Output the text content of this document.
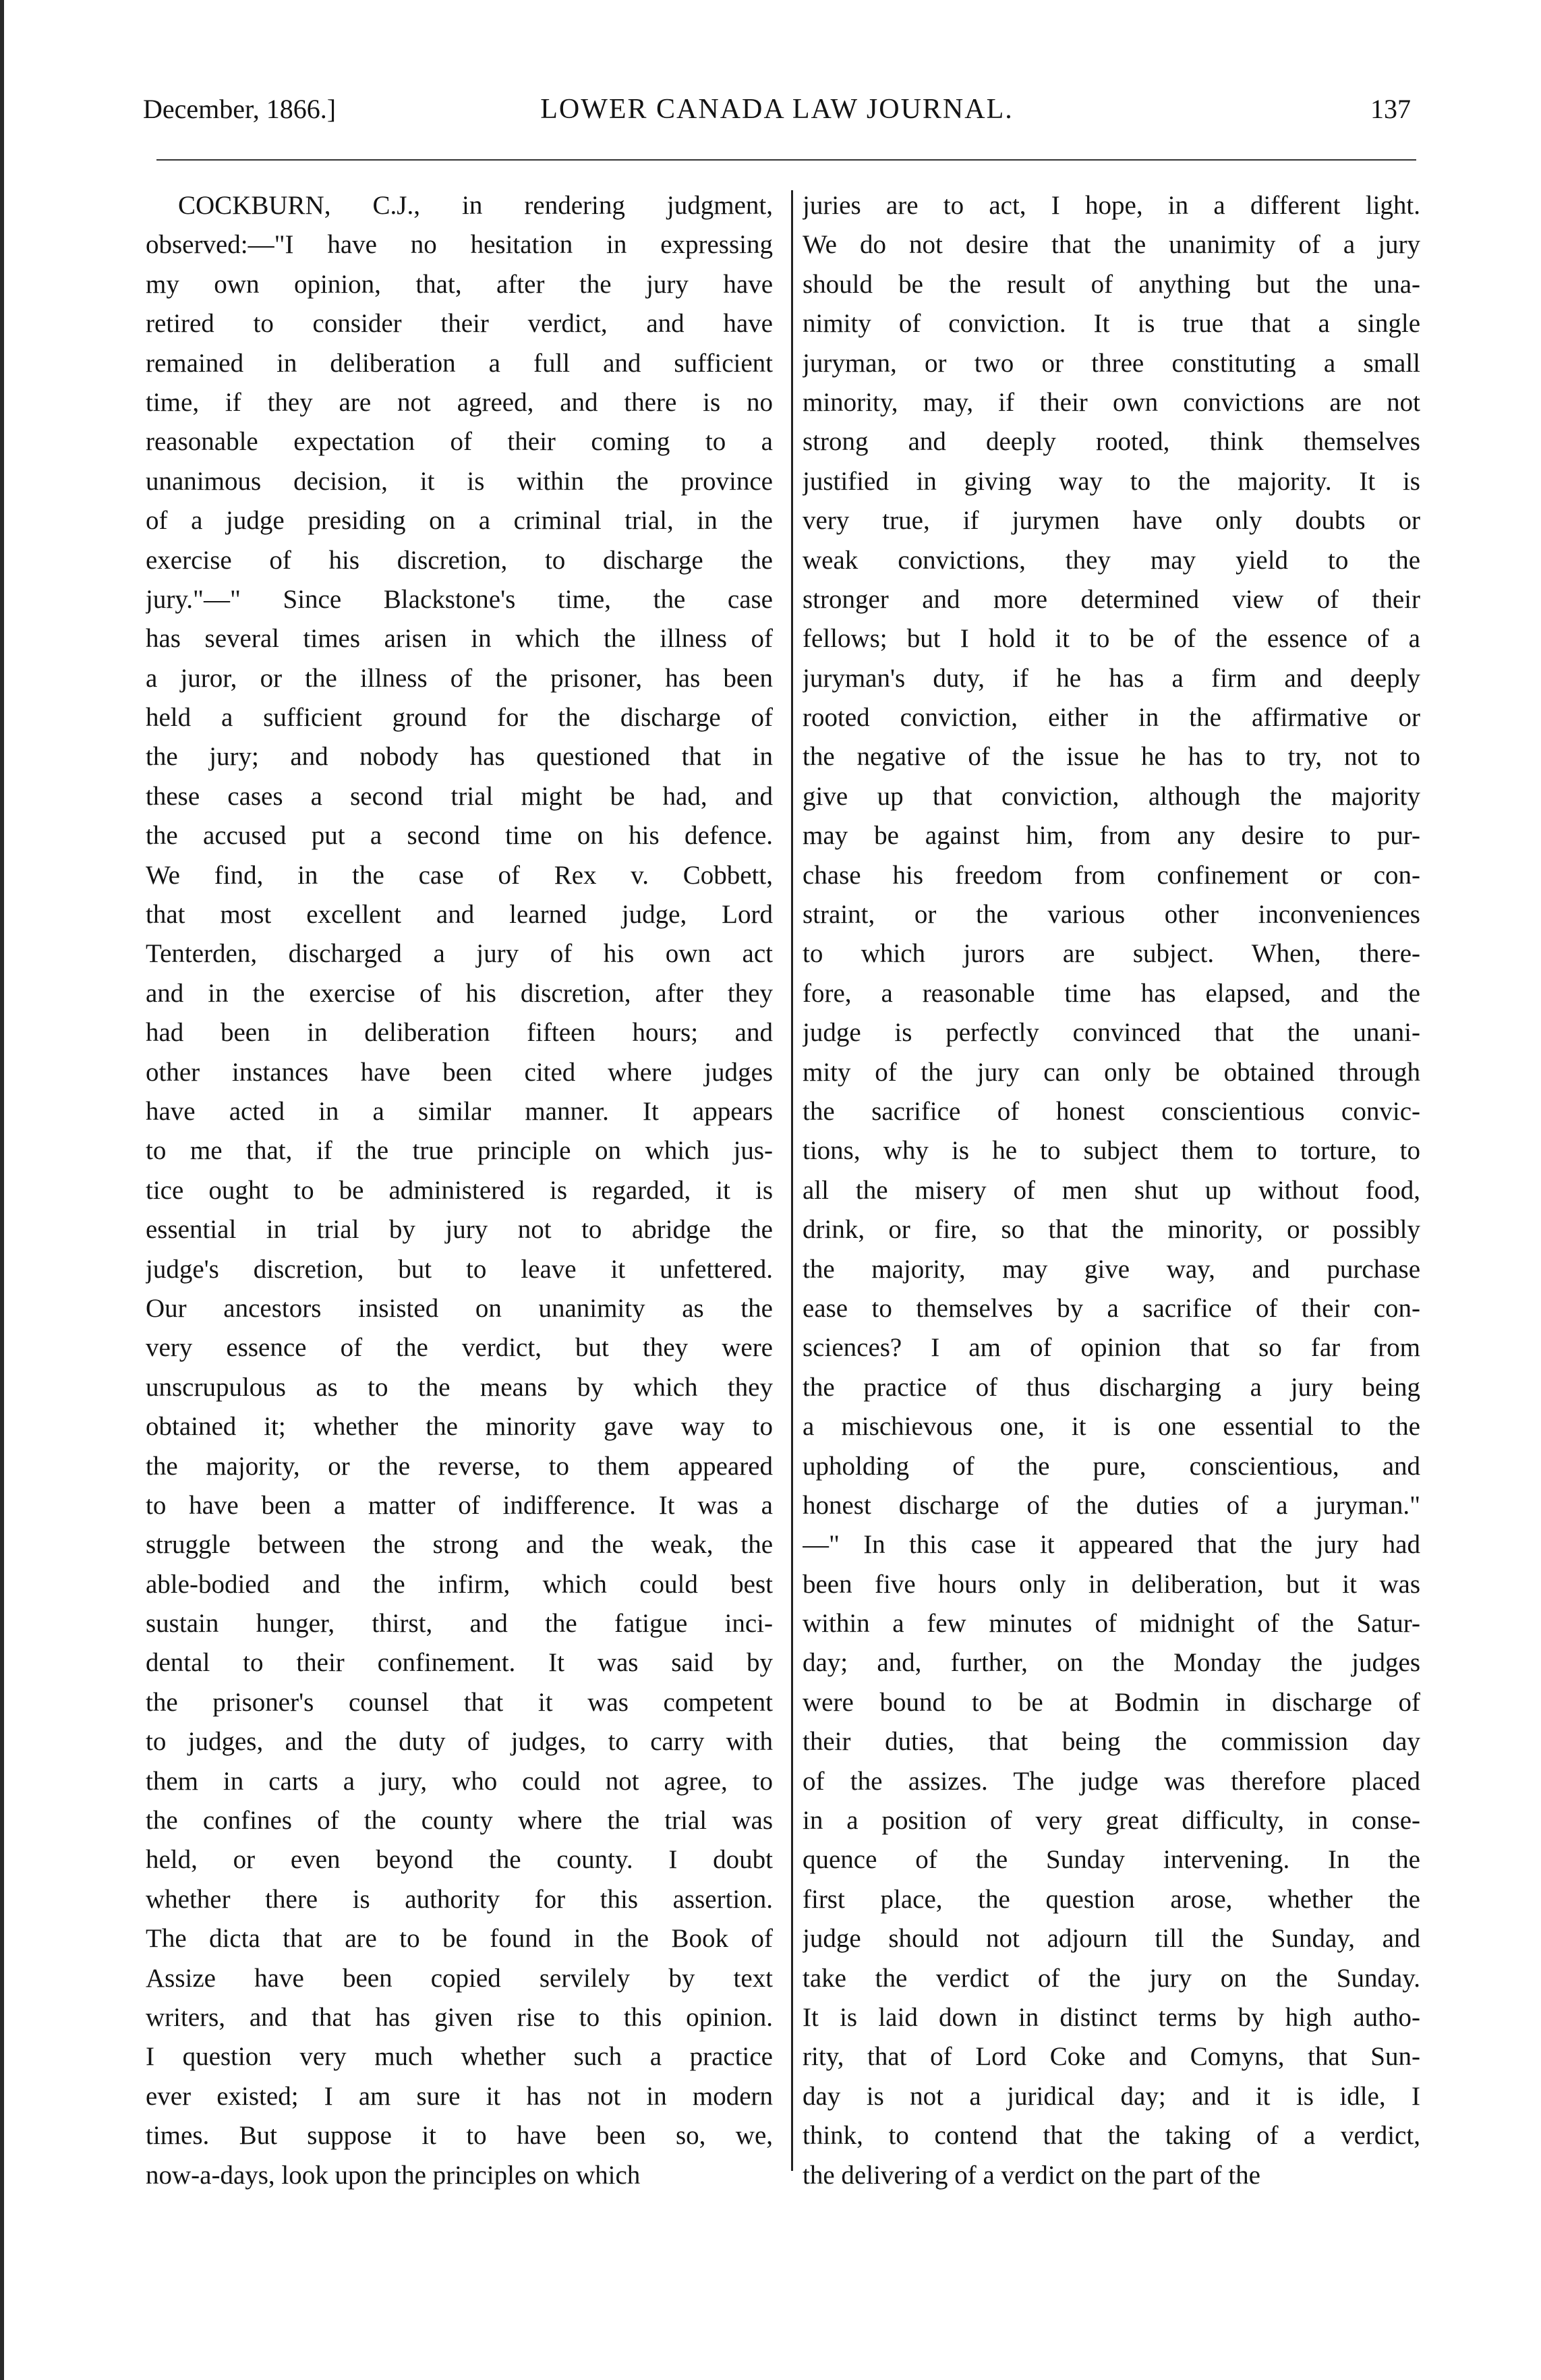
December, 1866.]	LOWER CANADA LAW JOURNAL.	137
COCKBURN, C.J., in rendering judgment,
observed:—"I have no hesitation in expressing
my own opinion, that, after the jury have
retired to consider their verdict, and have
remained in deliberation a full and sufficient
time, if they are not agreed, and there is no
reasonable expectation of their coming to a
unanimous decision, it is within the province
of a judge presiding on a criminal trial, in the
exercise of his discretion, to discharge the
jury."—" Since Blackstone's time, the case
has several times arisen in which the illness of
a juror, or the illness of the prisoner, has been
held a sufficient ground for the discharge of
the jury; and nobody has questioned that in
these cases a second trial might be had, and
the accused put a second time on his defence.
We find, in the case of Rex v. Cobbett,
that most excellent and learned judge, Lord
Tenterden, discharged a jury of his own act
and in the exercise of his discretion, after they
had been in deliberation fifteen hours; and
other instances have been cited where judges
have acted in a similar manner. It appears
to me that, if the true principle on which jus-
tice ought to be administered is regarded, it is
essential in trial by jury not to abridge the
judge's discretion, but to leave it unfettered.
Our ancestors insisted on unanimity as the
very essence of the verdict, but they were
unscrupulous as to the means by which they
obtained it; whether the minority gave way to
the majority, or the reverse, to them appeared
to have been a matter of indifference. It was a
struggle between the strong and the weak, the
able-bodied and the infirm, which could best
sustain hunger, thirst, and the fatigue inci-
dental to their confinement. It was said by
the prisoner's counsel that it was competent
to judges, and the duty of judges, to carry with
them in carts a jury, who could not agree, to
the confines of the county where the trial was
held, or even beyond the county. I doubt
whether there is authority for this assertion.
The dicta that are to be found in the Book of
Assize have been copied servilely by text
writers, and that has given rise to this opinion.
I question very much whether such a practice
ever existed; I am sure it has not in modern
times. But suppose it to have been so, we,
now-a-days, look upon the principles on which
juries are to act, I hope, in a different light.
We do not desire that the unanimity of a jury
should be the result of anything but the una-
nimity of conviction. It is true that a single
juryman, or two or three constituting a small
minority, may, if their own convictions are not
strong and deeply rooted, think themselves
justified in giving way to the majority. It is
very true, if jurymen have only doubts or
weak convictions, they may yield to the
stronger and more determined view of their
fellows; but I hold it to be of the essence of a
juryman's duty, if he has a firm and deeply
rooted conviction, either in the affirmative or
the negative of the issue he has to try, not to
give up that conviction, although the majority
may be against him, from any desire to pur-
chase his freedom from confinement or con-
straint, or the various other inconveniences
to which jurors are subject. When, there-
fore, a reasonable time has elapsed, and the
judge is perfectly convinced that the unani-
mity of the jury can only be obtained through
the sacrifice of honest conscientious convic-
tions, why is he to subject them to torture, to
all the misery of men shut up without food,
drink, or fire, so that the minority, or possibly
the majority, may give way, and purchase
ease to themselves by a sacrifice of their con-
sciences? I am of opinion that so far from
the practice of thus discharging a jury being
a mischievous one, it is one essential to the
upholding of the pure, conscientious, and
honest discharge of the duties of a juryman."
—" In this case it appeared that the jury had
been five hours only in deliberation, but it was
within a few minutes of midnight of the Satur-
day; and, further, on the Monday the judges
were bound to be at Bodmin in discharge of
their duties, that being the commission day
of the assizes. The judge was therefore placed
in a position of very great difficulty, in conse-
quence of the Sunday intervening. In the
first place, the question arose, whether the
judge should not adjourn till the Sunday, and
take the verdict of the jury on the Sunday.
It is laid down in distinct terms by high autho-
rity, that of Lord Coke and Comyns, that Sun-
day is not a juridical day; and it is idle, I
think, to contend that the taking of a verdict,
the delivering of a verdict on the part of the
